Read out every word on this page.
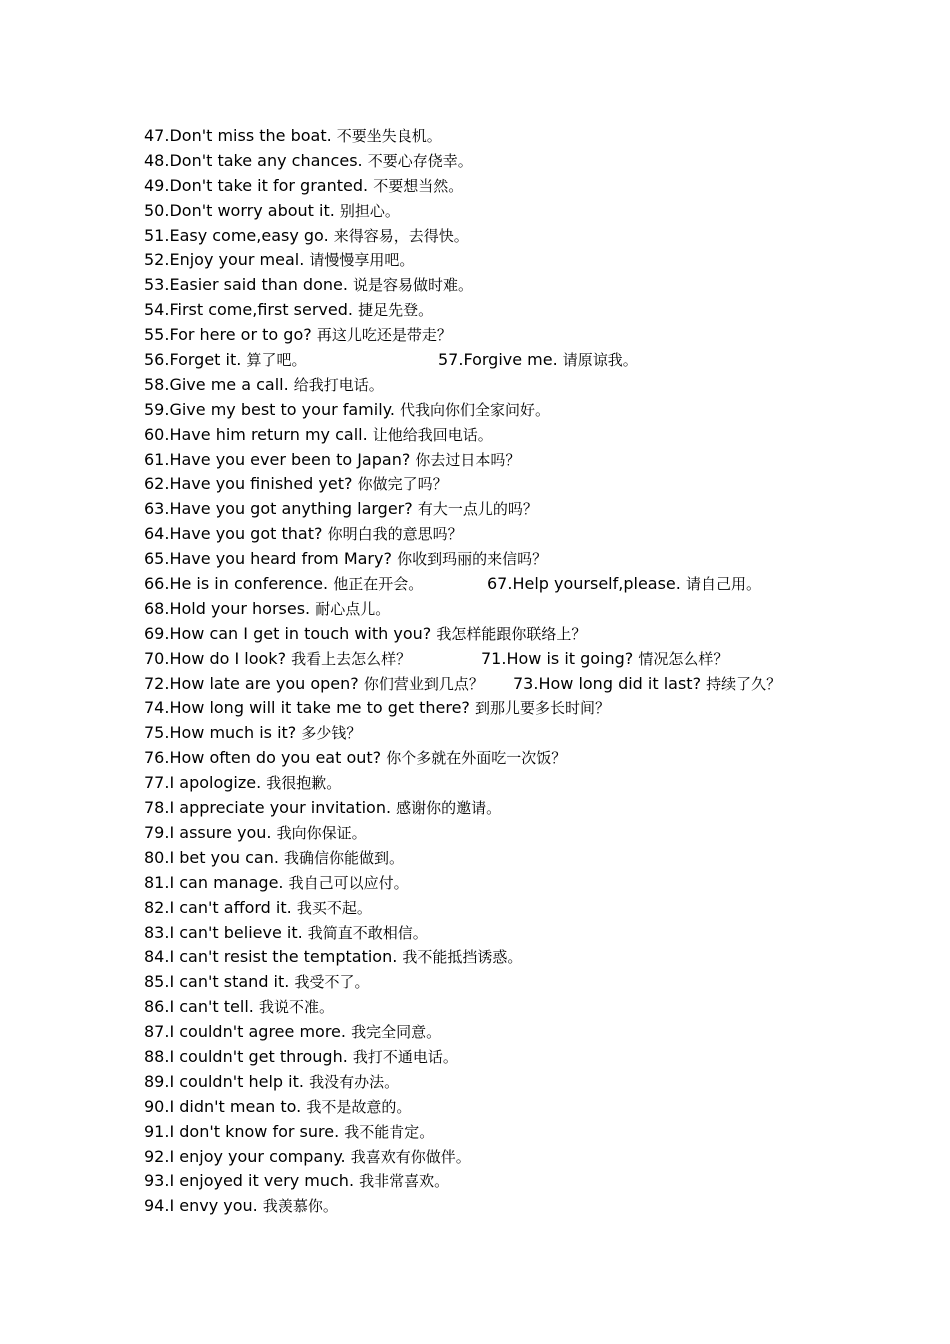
47.Don't miss the boat. 不要坐失良机。
48.Don't take any chances. 不要心存侥幸。
49.Don't take it for granted. 不要想当然。
50.Don't worry about it. 别担心。
51.Easy come,easy go. 来得容易，去得快。
52.Enjoy your meal. 请慢慢享用吧。
53.Easier said than done. 说是容易做时难。
54.First come,first served. 捷足先登。
55.For here or to go? 再这儿吃还是带走？
56.Forget it. 算了吧。	57.Forgive me. 请原谅我。
58.Give me a call. 给我打电话。
59.Give my best to your family. 代我向你们全家问好。
60.Have him return my call. 让他给我回电话。
61.Have you ever been to Japan? 你去过日本吗？
62.Have you finished yet? 你做完了吗？
63.Have you got anything larger? 有大一点儿的吗？
64.Have you got that? 你明白我的意思吗？
65.Have you heard from Mary? 你收到玛丽的来信吗？
66.He is in conference. 他正在开会。	67.Help yourself,please. 请自己用。
68.Hold your horses. 耐心点儿。
69.How can I get in touch with you? 我怎样能跟你联络上？
70.How do I look? 我看上去怎么样？	71.How is it going? 情况怎么样？
72.How late are you open? 你们营业到几点？ 73.How long did it last? 持续了久？
74.How long will it take me to get there? 到那儿要多长时间？
75.How much is it? 多少钱？
76.How often do you eat out? 你个多就在外面吃一次饭？
77.I apologize. 我很抱歉。
78.I appreciate your invitation. 感谢你的邀请。
79.I assure you. 我向你保证。
80.I bet you can. 我确信你能做到。
81.I can manage. 我自己可以应付。
82.I can't afford it. 我买不起。
83.I can't believe it. 我简直不敢相信。
84.I can't resist the temptation. 我不能抵挡诱惑。
85.I can't stand it. 我受不了。
86.I can't tell. 我说不准。
87.I couldn't agree more. 我完全同意。
88.I couldn't get through. 我打不通电话。
89.I couldn't help it. 我没有办法。
90.I didn't mean to. 我不是故意的。
91.I don't know for sure. 我不能肯定。
92.I enjoy your company. 我喜欢有你做伴。
93.I enjoyed it very much. 我非常喜欢。
94.I envy you. 我羡慕你。
